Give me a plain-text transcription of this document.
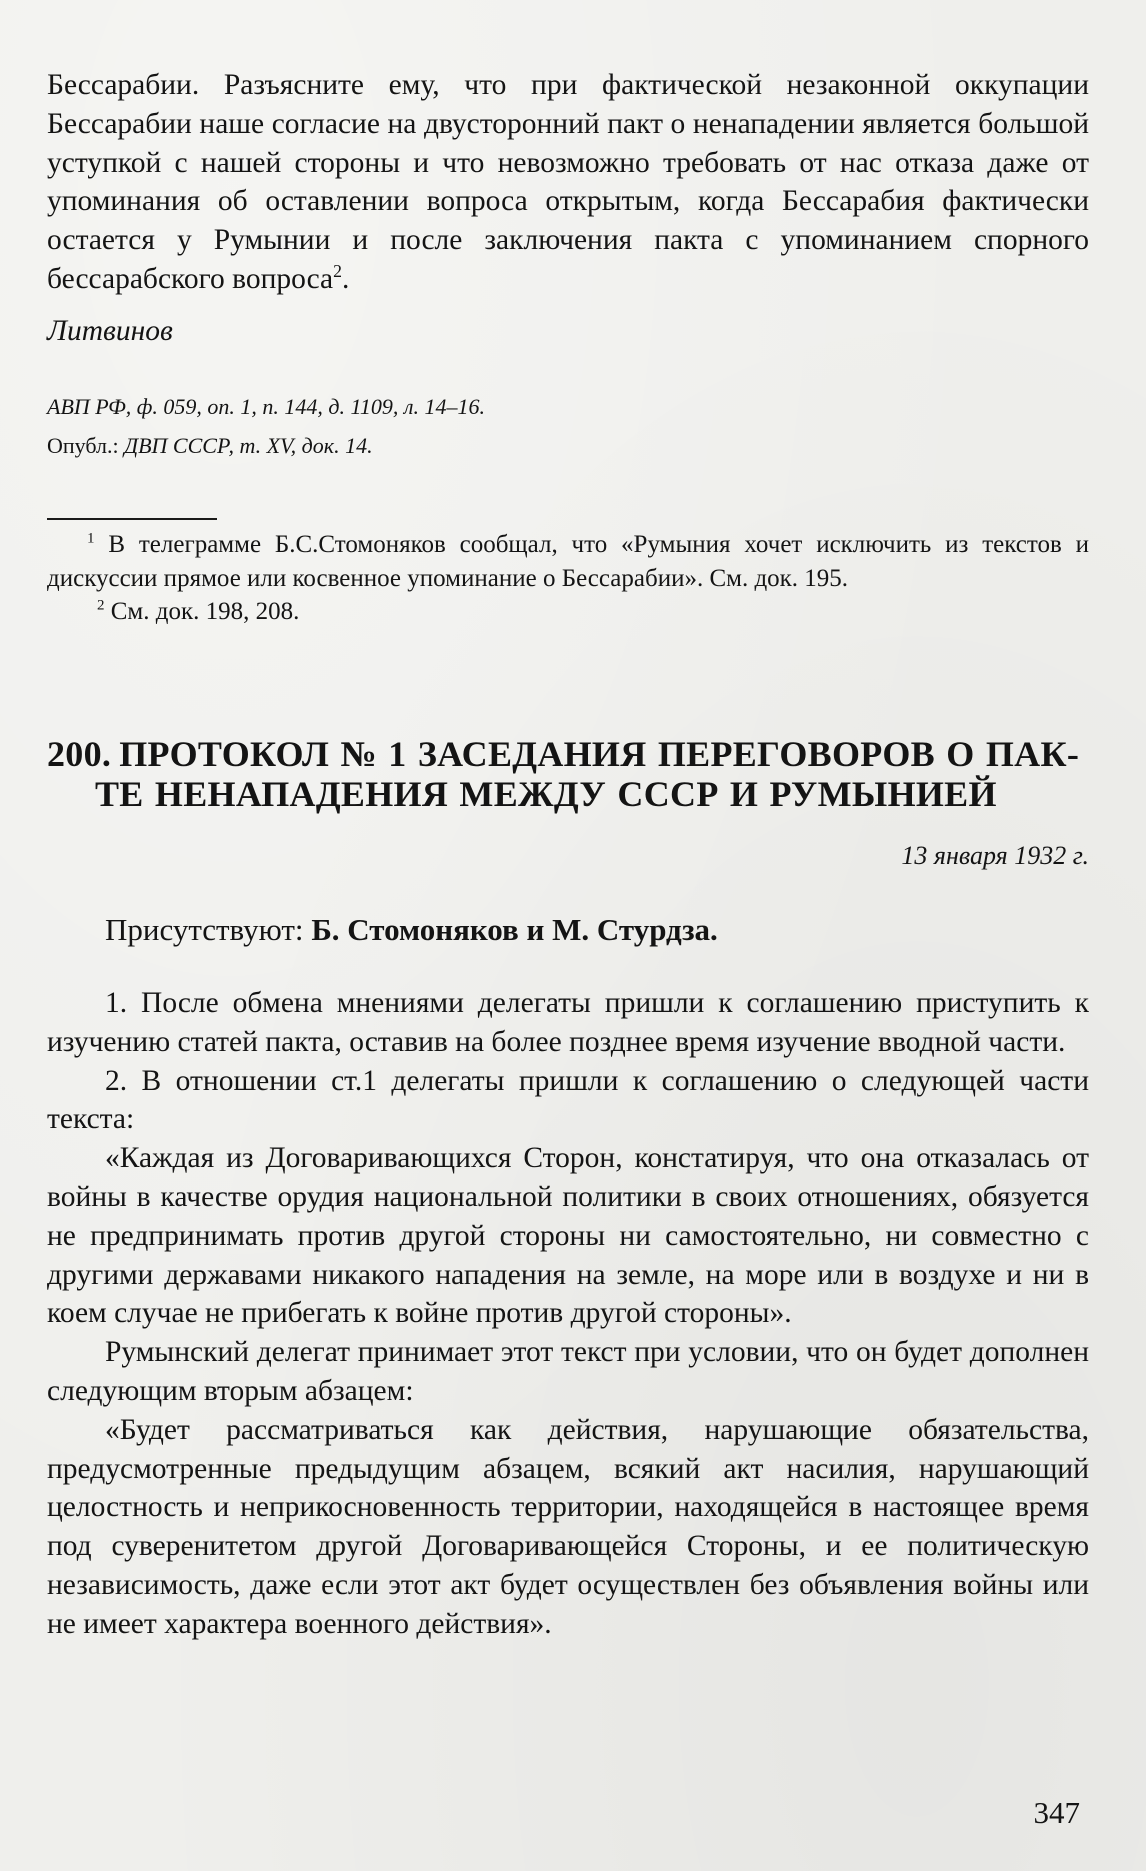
Бессарабии. Разъясните ему, что при фактической незаконной оккупации Бессарабии наше согласие на двусторонний пакт о ненападении является большой уступкой с нашей стороны и что невозможно требовать от нас отказа даже от упоминания об оставлении вопроса открытым, когда Бессарабия фактически остается у Румынии и после заключения пакта с упоминанием спорного бессарабского вопроса$^2$.

Литвинов

АВП РФ, ф. 059, оп. 1, п. 144, д. 1109, л. 14–16.

Опубл.: ДВП СССР, т. XV, док. 14.

$^1$ В телеграмме Б.С.Стомоняков сообщал, что «Румыния хочет исключить из текстов и дискуссии прямое или косвенное упоминание о Бессарабии». См. док. 195.

$^2$ См. док. 198, 208.

200. ПРОТОКОЛ № 1 ЗАСЕДАНИЯ ПЕРЕГОВОРОВ О ПАК-

ТЕ НЕНАПАДЕНИЯ МЕЖДУ СССР И РУМЫНИЕЙ

13 января 1932 г.

Присутствуют: Б. Стомоняков и М. Стурдза.

1. После обмена мнениями делегаты пришли к соглашению приступить к изучению статей пакта, оставив на более позднее время изучение вводной части.

2. В отношении ст.1 делегаты пришли к соглашению о следующей части текста:

«Каждая из Договаривающихся Сторон, констатируя, что она отказалась от войны в качестве орудия национальной политики в своих отношениях, обязуется не предпринимать против другой стороны ни самостоятельно, ни совместно с другими державами никакого нападения на земле, на море или в воздухе и ни в коем случае не прибегать к войне против другой стороны».

Румынский делегат принимает этот текст при условии, что он будет дополнен следующим вторым абзацем:

«Будет рассматриваться как действия, нарушающие обязательства, предусмотренные предыдущим абзацем, всякий акт насилия, нарушающий целостность и неприкосновенность территории, находящейся в настоящее время под суверенитетом другой Договаривающейся Стороны, и ее политическую независимость, даже если этот акт будет осуществлен без объявления войны или не имеет характера военного действия».

347
